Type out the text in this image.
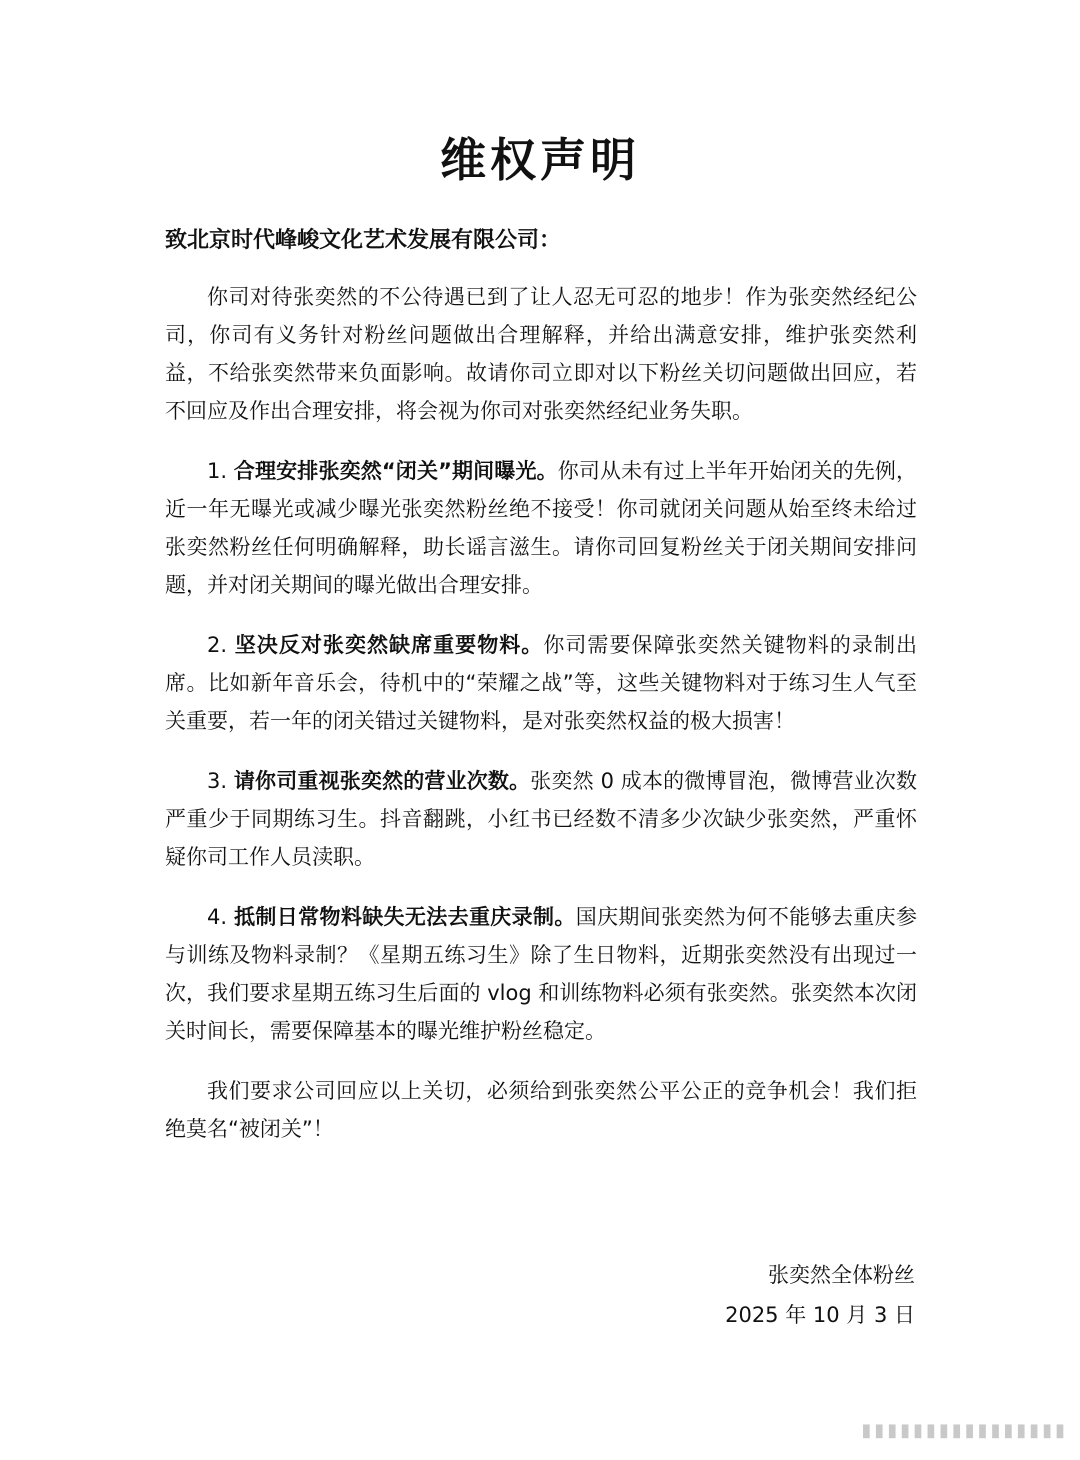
维权声明
致北京时代峰峻文化艺术发展有限公司：

你司对待张奕然的不公待遇已到了让人忍无可忍的地步！作为张奕然经纪公司，你司有义务针对粉丝问题做出合理解释，并给出满意安排，维护张奕然利益，不给张奕然带来负面影响。故请你司立即对以下粉丝关切问题做出回应，若不回应及作出合理安排，将会视为你司对张奕然经纪业务失职。

1. 合理安排张奕然“闭关”期间曝光。你司从未有过上半年开始闭关的先例，近一年无曝光或减少曝光张奕然粉丝绝不接受！你司就闭关问题从始至终未给过张奕然粉丝任何明确解释，助长谣言滋生。请你司回复粉丝关于闭关期间安排问题，并对闭关期间的曝光做出合理安排。

2. 坚决反对张奕然缺席重要物料。你司需要保障张奕然关键物料的录制出席。比如新年音乐会，待机中的“荣耀之战”等，这些关键物料对于练习生人气至关重要，若一年的闭关错过关键物料，是对张奕然权益的极大损害！

3. 请你司重视张奕然的营业次数。张奕然 0 成本的微博冒泡，微博营业次数严重少于同期练习生。抖音翻跳，小红书已经数不清多少次缺少张奕然，严重怀疑你司工作人员渎职。

4. 抵制日常物料缺失无法去重庆录制。国庆期间张奕然为何不能够去重庆参与训练及物料录制？《星期五练习生》除了生日物料，近期张奕然没有出现过一次，我们要求星期五练习生后面的 vlog 和训练物料必须有张奕然。张奕然本次闭关时间长，需要保障基本的曝光维护粉丝稳定。

我们要求公司回应以上关切，必须给到张奕然公平公正的竞争机会！我们拒绝莫名“被闭关”！

张奕然全体粉丝
2025 年 10 月 3 日
▮▮▮▮▮▮▮▮▮▮▮▮▮▮▮▮
